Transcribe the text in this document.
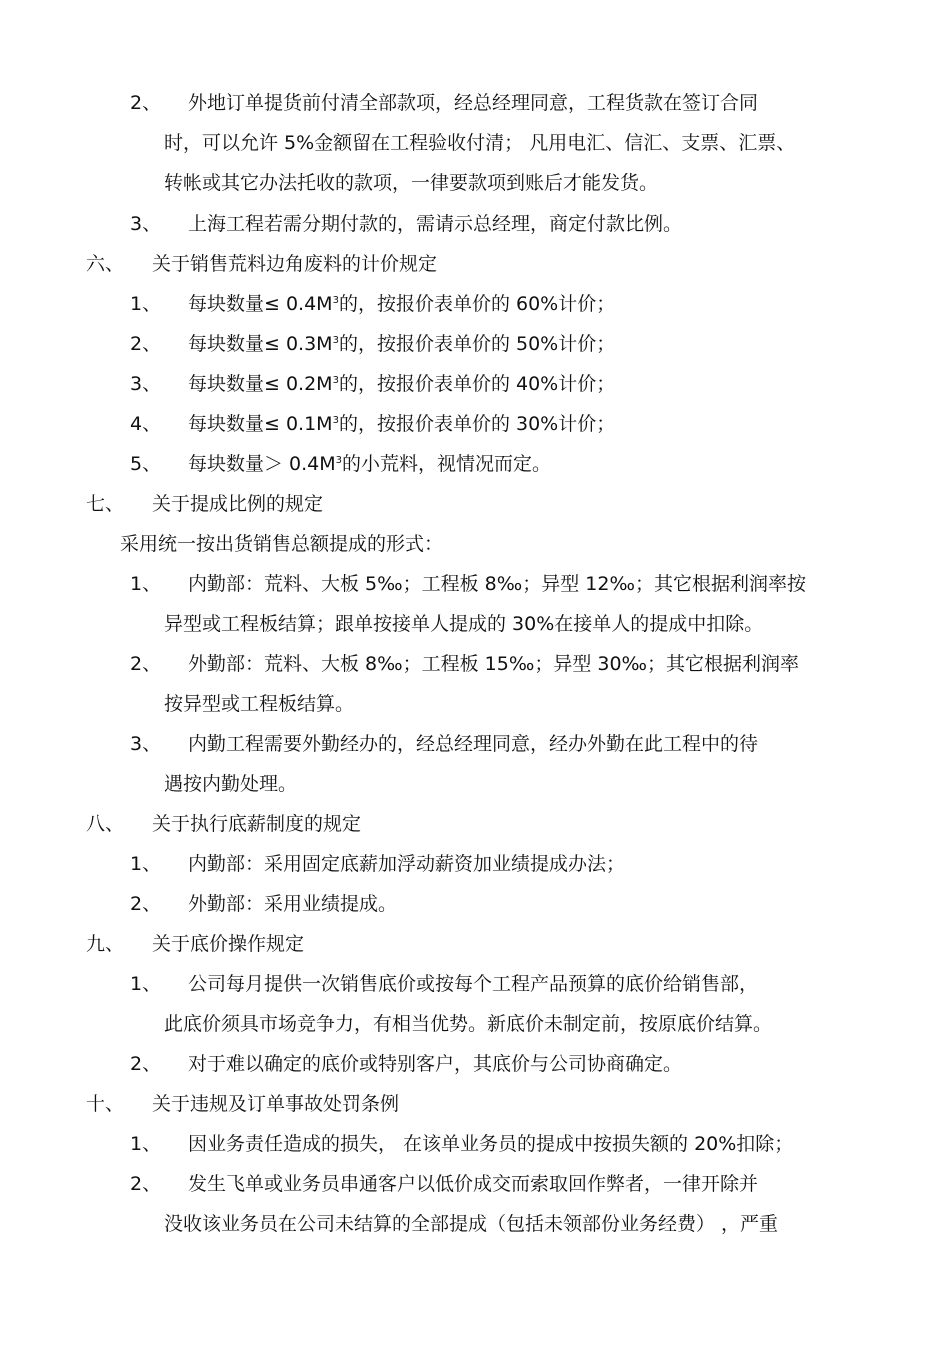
2、 外地订单提货前付清全部款项，经总经理同意，工程货款在签订合同
时，可以允许 5%金额留在工程验收付清； 凡用电汇、信汇、支票、汇票、
转帐或其它办法托收的款项，一律要款项到账后才能发货。
3、 上海工程若需分期付款的，需请示总经理，商定付款比例。
六、 关于销售荒料边角废料的计价规定
1、 每块数量≤ $0.4M^3$的，按报价表单价的 60%计价；
2、 每块数量≤ $0.3M^3$的，按报价表单价的 50%计价；
3、 每块数量≤ $0.2M^3$的，按报价表单价的 40%计价；
4、 每块数量≤ $0.1M^3$的，按报价表单价的 30%计价；
5、 每块数量＞ $0.4M^3$的小荒料，视情况而定。
七、 关于提成比例的规定
采用统一按出货销售总额提成的形式：
1、 内勤部：荒料、大板 5‰；工程板 8‰；异型 12‰；其它根据利润率按
异型或工程板结算；跟单按接单人提成的 30%在接单人的提成中扣除。
2、 外勤部：荒料、大板 8‰；工程板 15‰；异型 30‰；其它根据利润率
按异型或工程板结算。
3、 内勤工程需要外勤经办的，经总经理同意，经办外勤在此工程中的待
遇按内勤处理。
八、 关于执行底薪制度的规定
1、 内勤部：采用固定底薪加浮动薪资加业绩提成办法；
2、 外勤部：采用业绩提成。
九、 关于底价操作规定
1、 公司每月提供一次销售底价或按每个工程产品预算的底价给销售部，
此底价须具市场竞争力，有相当优势。新底价未制定前，按原底价结算。
2、 对于难以确定的底价或特别客户，其底价与公司协商确定。
十、 关于违规及订单事故处罚条例
1、 因业务责任造成的损失， 在该单业务员的提成中按损失额的 20%扣除；
2、 发生飞单或业务员串通客户以低价成交而索取回作弊者，一律开除并
没收该业务员在公司未结算的全部提成（包括未领部份业务经费） ，严重
